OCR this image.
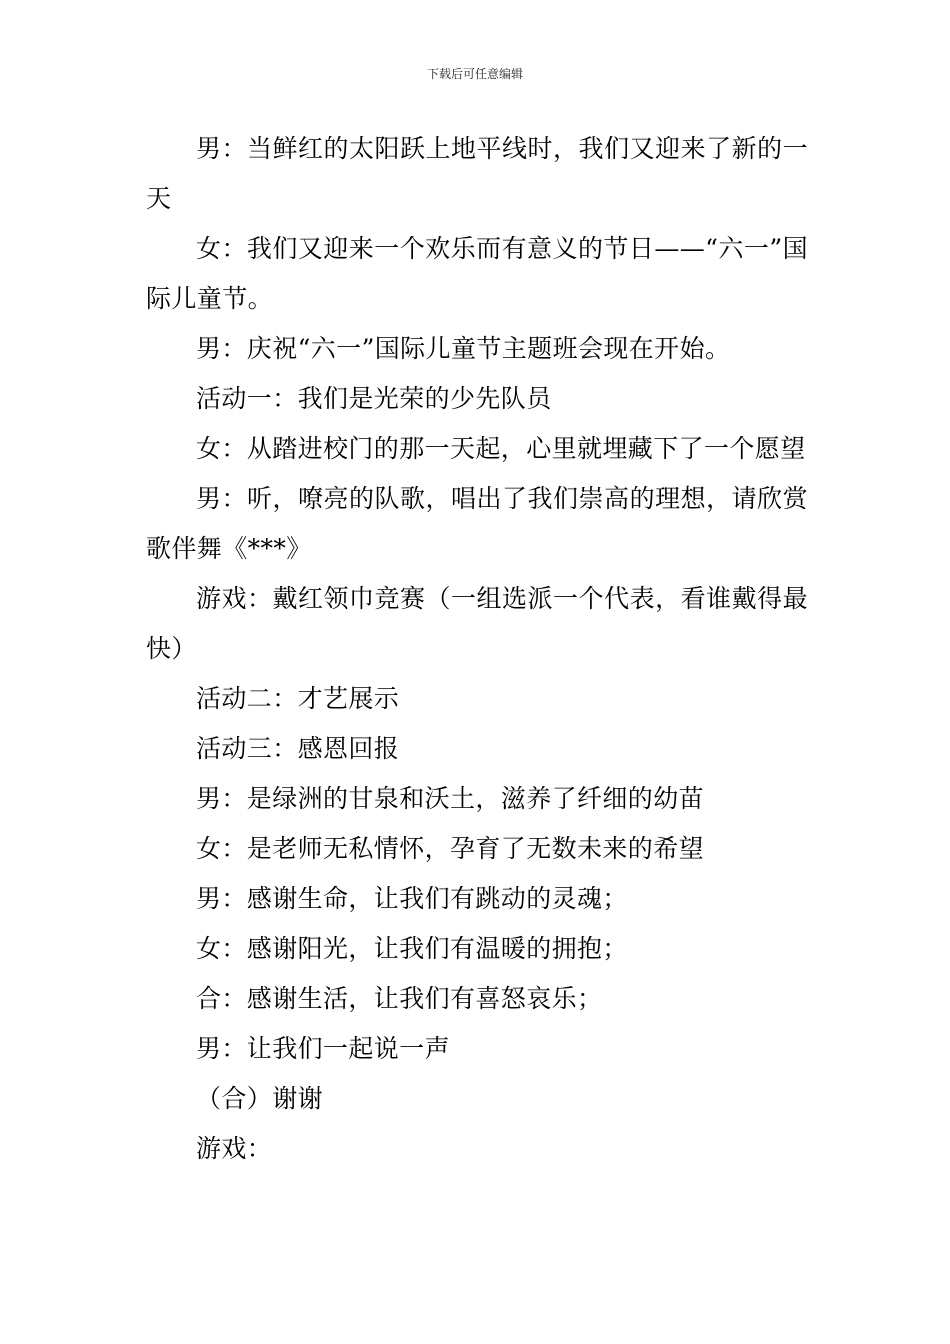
下载后可任意编辑

男：当鲜红的太阳跃上地平线时，我们又迎来了新的一天

女：我们又迎来一个欢乐而有意义的节日——“六一”国际儿童节。

男：庆祝“六一”国际儿童节主题班会现在开始。

活动一：我们是光荣的少先队员

女：从踏进校门的那一天起，心里就埋藏下了一个愿望

男：听，嘹亮的队歌，唱出了我们崇高的理想，请欣赏歌伴舞《***》

游戏：戴红领巾竞赛（一组选派一个代表，看谁戴得最快）

活动二：才艺展示

活动三：感恩回报

男：是绿洲的甘泉和沃土，滋养了纤细的幼苗

女：是老师无私情怀，孕育了无数未来的希望

男：感谢生命，让我们有跳动的灵魂；

女：感谢阳光，让我们有温暖的拥抱；

合：感谢生活，让我们有喜怒哀乐；

男：让我们一起说一声

（合）谢谢

游戏：
